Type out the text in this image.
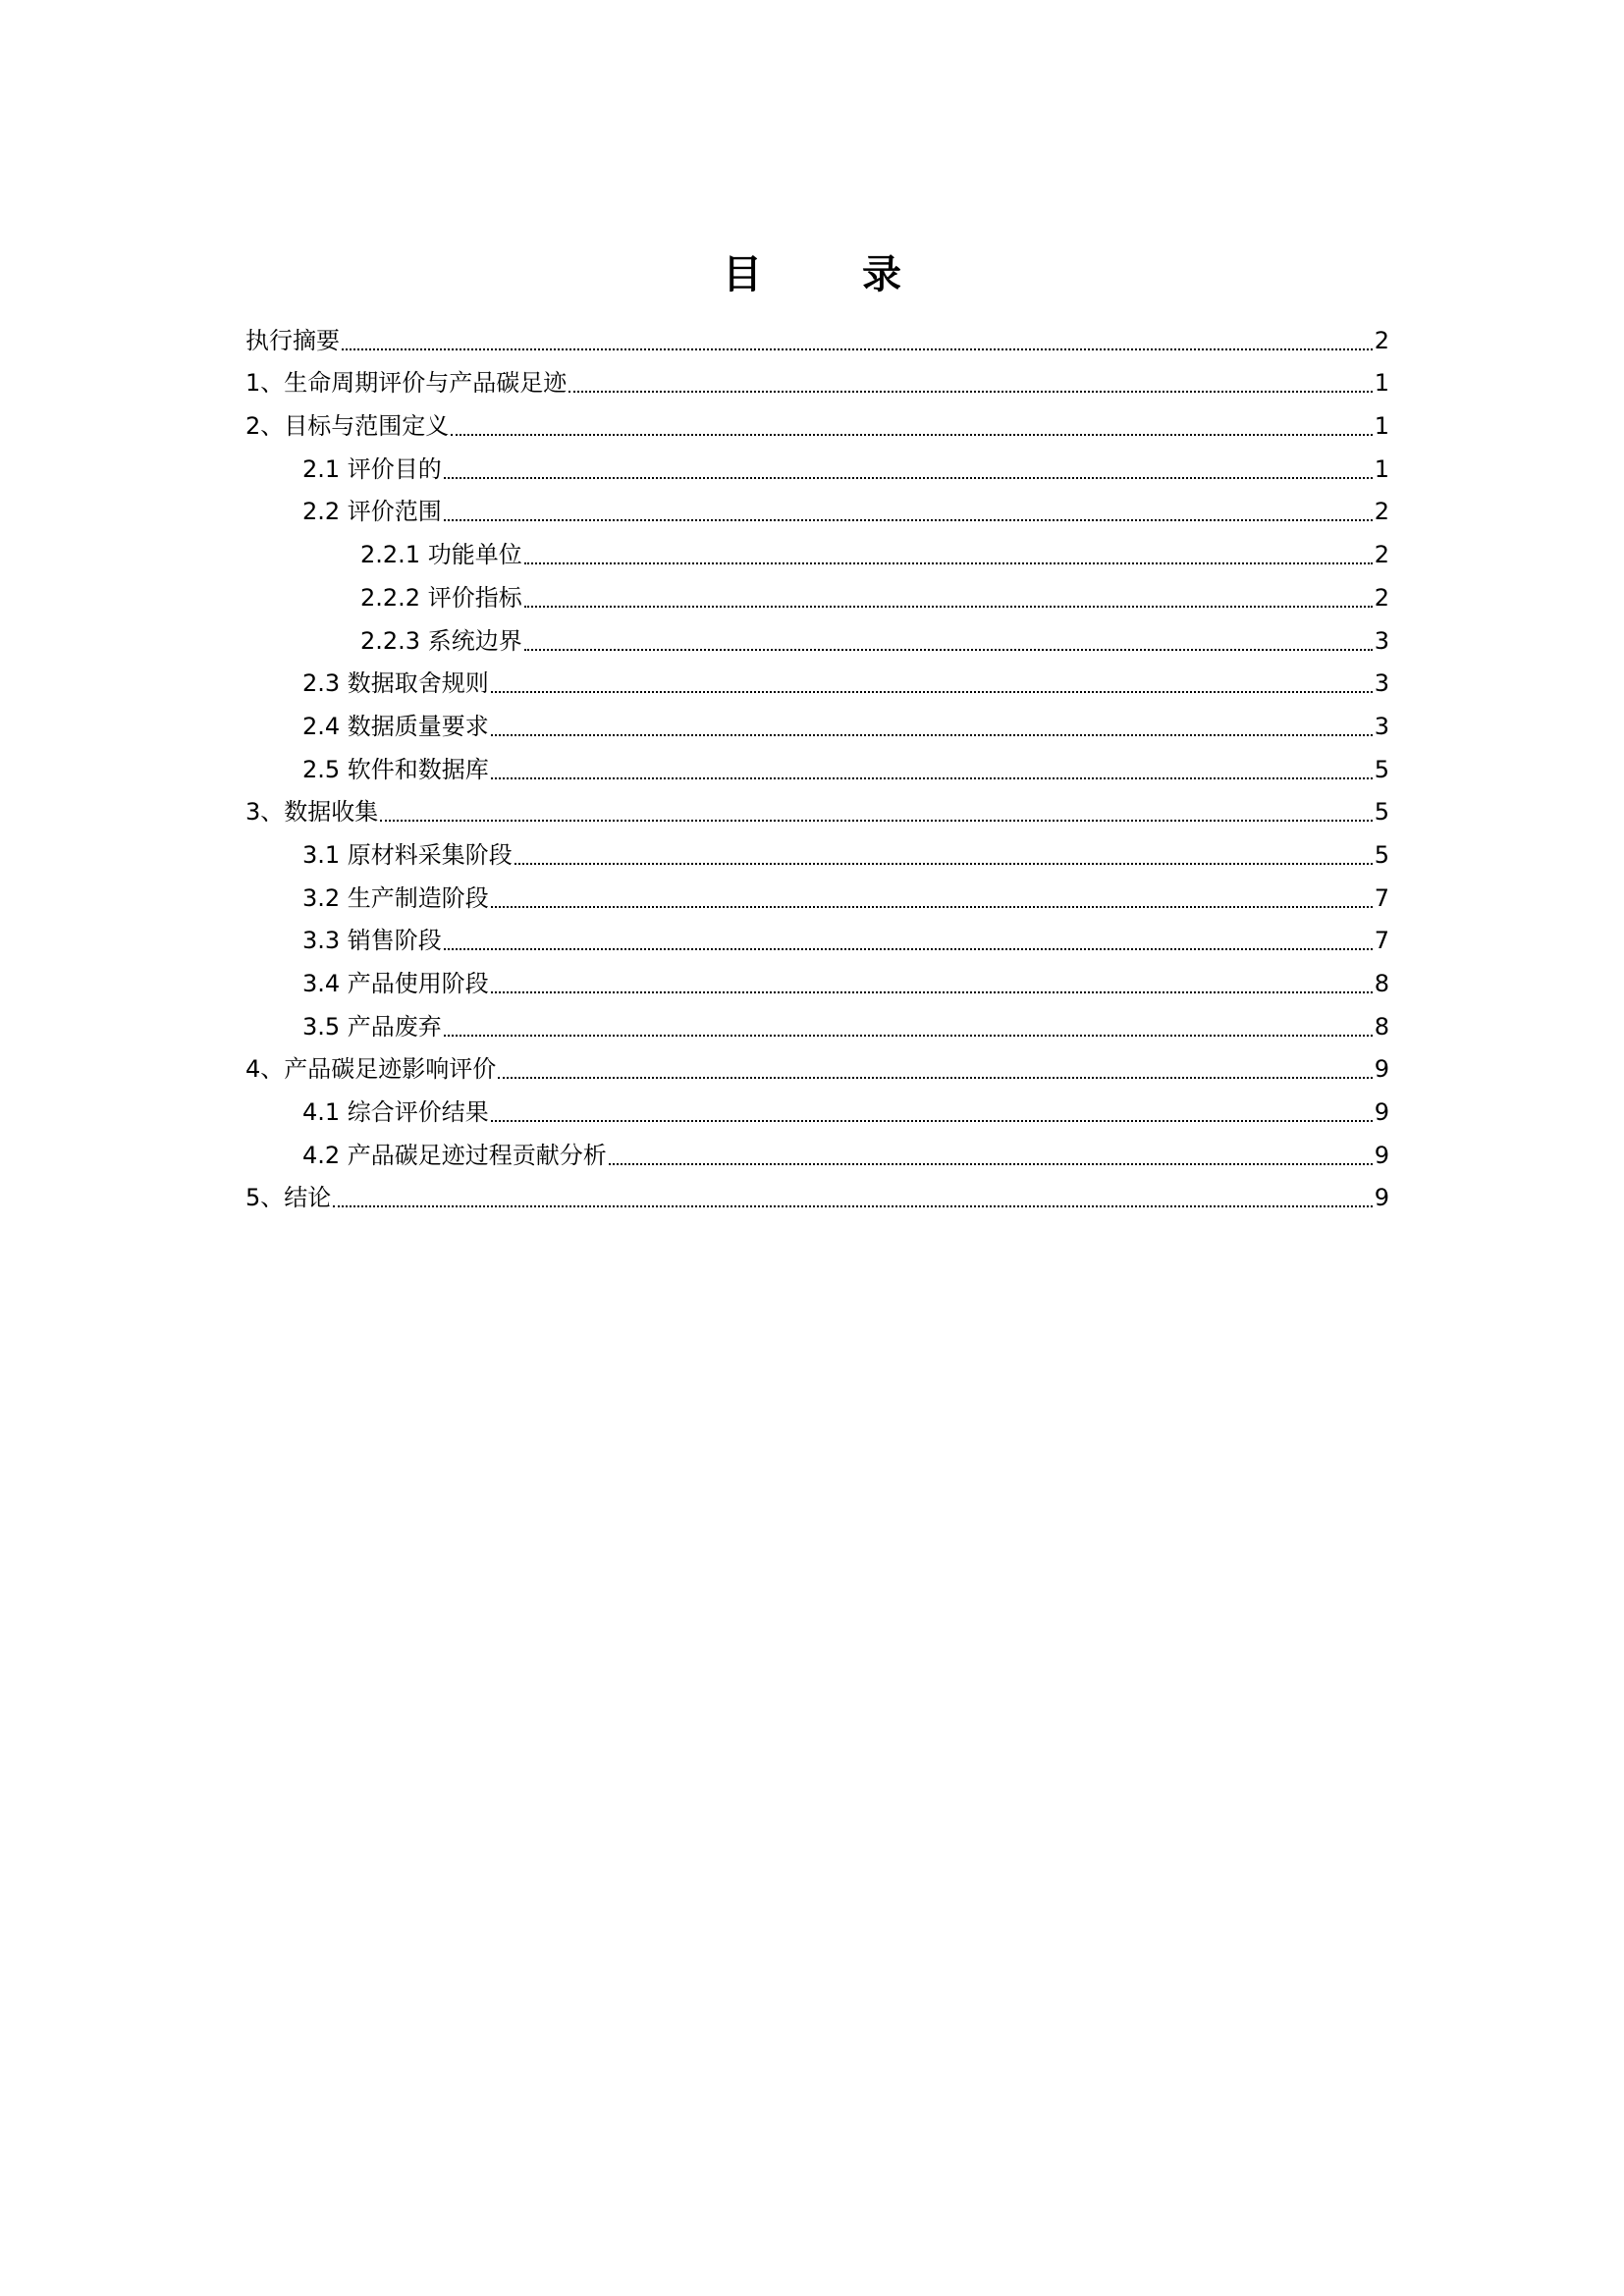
目 录
执行摘要	2
1、生命周期评价与产品碳足迹	1
2、目标与范围定义	1
2.1 评价目的	1
2.2 评价范围	2
2.2.1 功能单位	2
2.2.2 评价指标	2
2.2.3 系统边界	3
2.3 数据取舍规则	3
2.4 数据质量要求	3
2.5 软件和数据库	5
3、数据收集	5
3.1 原材料采集阶段	5
3.2 生产制造阶段	7
3.3 销售阶段	7
3.4 产品使用阶段	8
3.5 产品废弃	8
4、产品碳足迹影响评价	9
4.1 综合评价结果	9
4.2 产品碳足迹过程贡献分析	9
5、结论	9
